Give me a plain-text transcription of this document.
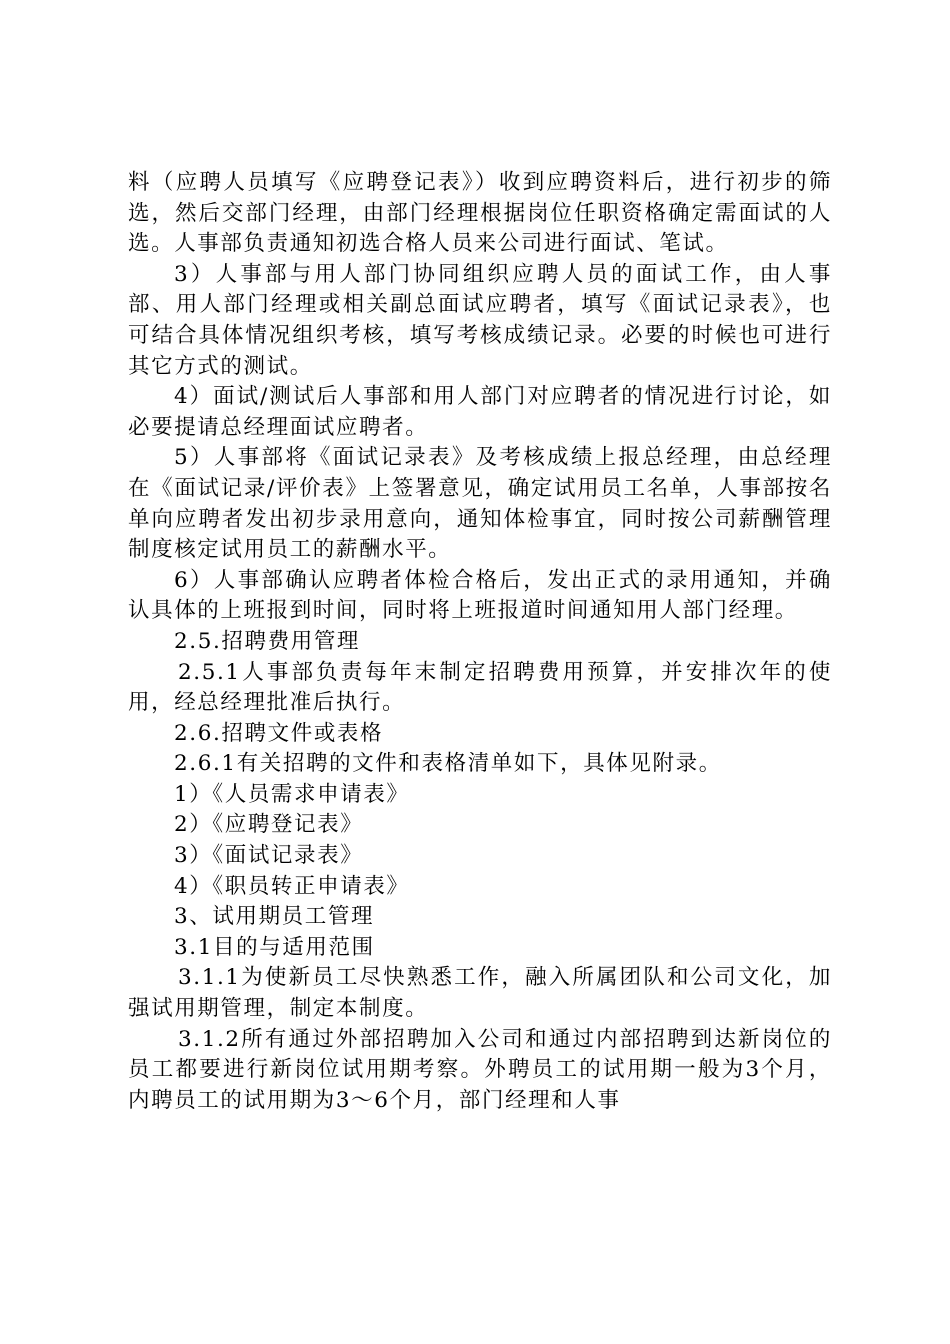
料（应聘人员填写《应聘登记表》）收到应聘资料后，进行初步的筛选，然后交部门经理，由部门经理根据岗位任职资格确定需面试的人选。人事部负责通知初选合格人员来公司进行面试、笔试。

3）人事部与用人部门协同组织应聘人员的面试工作，由人事部、用人部门经理或相关副总面试应聘者，填写《面试记录表》，也可结合具体情况组织考核，填写考核成绩记录。必要的时候也可进行其它方式的测试。

4）面试/测试后人事部和用人部门对应聘者的情况进行讨论，如必要提请总经理面试应聘者。

5）人事部将《面试记录表》及考核成绩上报总经理，由总经理在《面试记录/评价表》上签署意见，确定试用员工名单，人事部按名单向应聘者发出初步录用意向，通知体检事宜，同时按公司薪酬管理制度核定试用员工的薪酬水平。

6）人事部确认应聘者体检合格后，发出正式的录用通知，并确认具体的上班报到时间，同时将上班报道时间通知用人部门经理。

2.5.招聘费用管理

2.5.1人事部负责每年末制定招聘费用预算，并安排次年的使用，经总经理批准后执行。

2.6.招聘文件或表格

2.6.1有关招聘的文件和表格清单如下，具体见附录。

1）《人员需求申请表》

2）《应聘登记表》

3）《面试记录表》

4）《职员转正申请表》

3、试用期员工管理

3.1目的与适用范围

3.1.1为使新员工尽快熟悉工作，融入所属团队和公司文化，加强试用期管理，制定本制度。

3.1.2所有通过外部招聘加入公司和通过内部招聘到达新岗位的员工都要进行新岗位试用期考察。外聘员工的试用期一般为3个月，内聘员工的试用期为3～6个月，部门经理和人事
